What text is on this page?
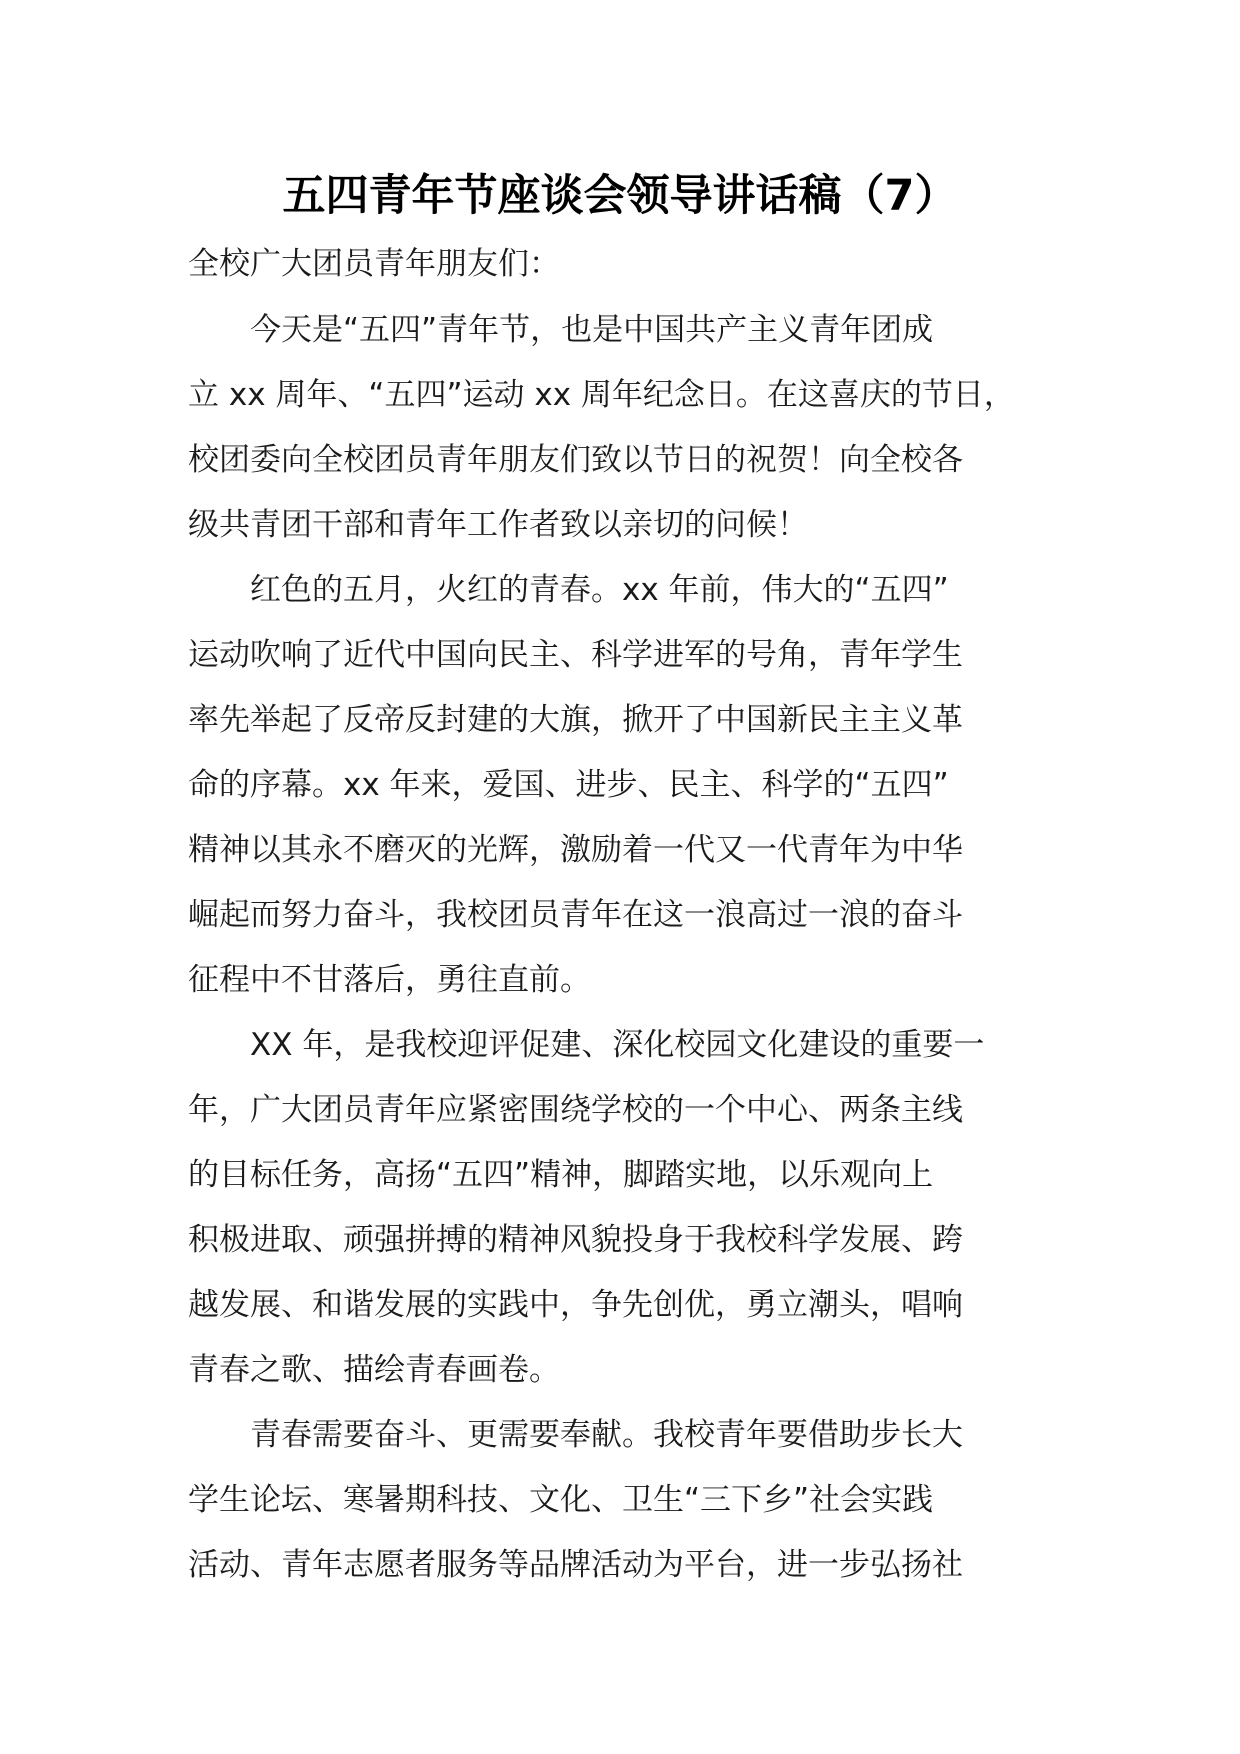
五四青年节座谈会领导讲话稿（7）

全校广大团员青年朋友们：

今天是“五四”青年节，也是中国共产主义青年团成
立 xx 周年、“五四”运动 xx 周年纪念日。在这喜庆的节日，
校团委向全校团员青年朋友们致以节日的祝贺！向全校各
级共青团干部和青年工作者致以亲切的问候！

红色的五月，火红的青春。xx 年前，伟大的“五四”
运动吹响了近代中国向民主、科学进军的号角，青年学生
率先举起了反帝反封建的大旗，掀开了中国新民主主义革
命的序幕。xx 年来，爱国、进步、民主、科学的“五四”
精神以其永不磨灭的光辉，激励着一代又一代青年为中华
崛起而努力奋斗，我校团员青年在这一浪高过一浪的奋斗
征程中不甘落后，勇往直前。

XX 年，是我校迎评促建、深化校园文化建设的重要一
年，广大团员青年应紧密围绕学校的一个中心、两条主线
的目标任务，高扬“五四”精神，脚踏实地，以乐观向上
积极进取、顽强拼搏的精神风貌投身于我校科学发展、跨
越发展、和谐发展的实践中，争先创优，勇立潮头，唱响
青春之歌、描绘青春画卷。

青春需要奋斗、更需要奉献。我校青年要借助步长大
学生论坛、寒暑期科技、文化、卫生“三下乡”社会实践
活动、青年志愿者服务等品牌活动为平台，进一步弘扬社
